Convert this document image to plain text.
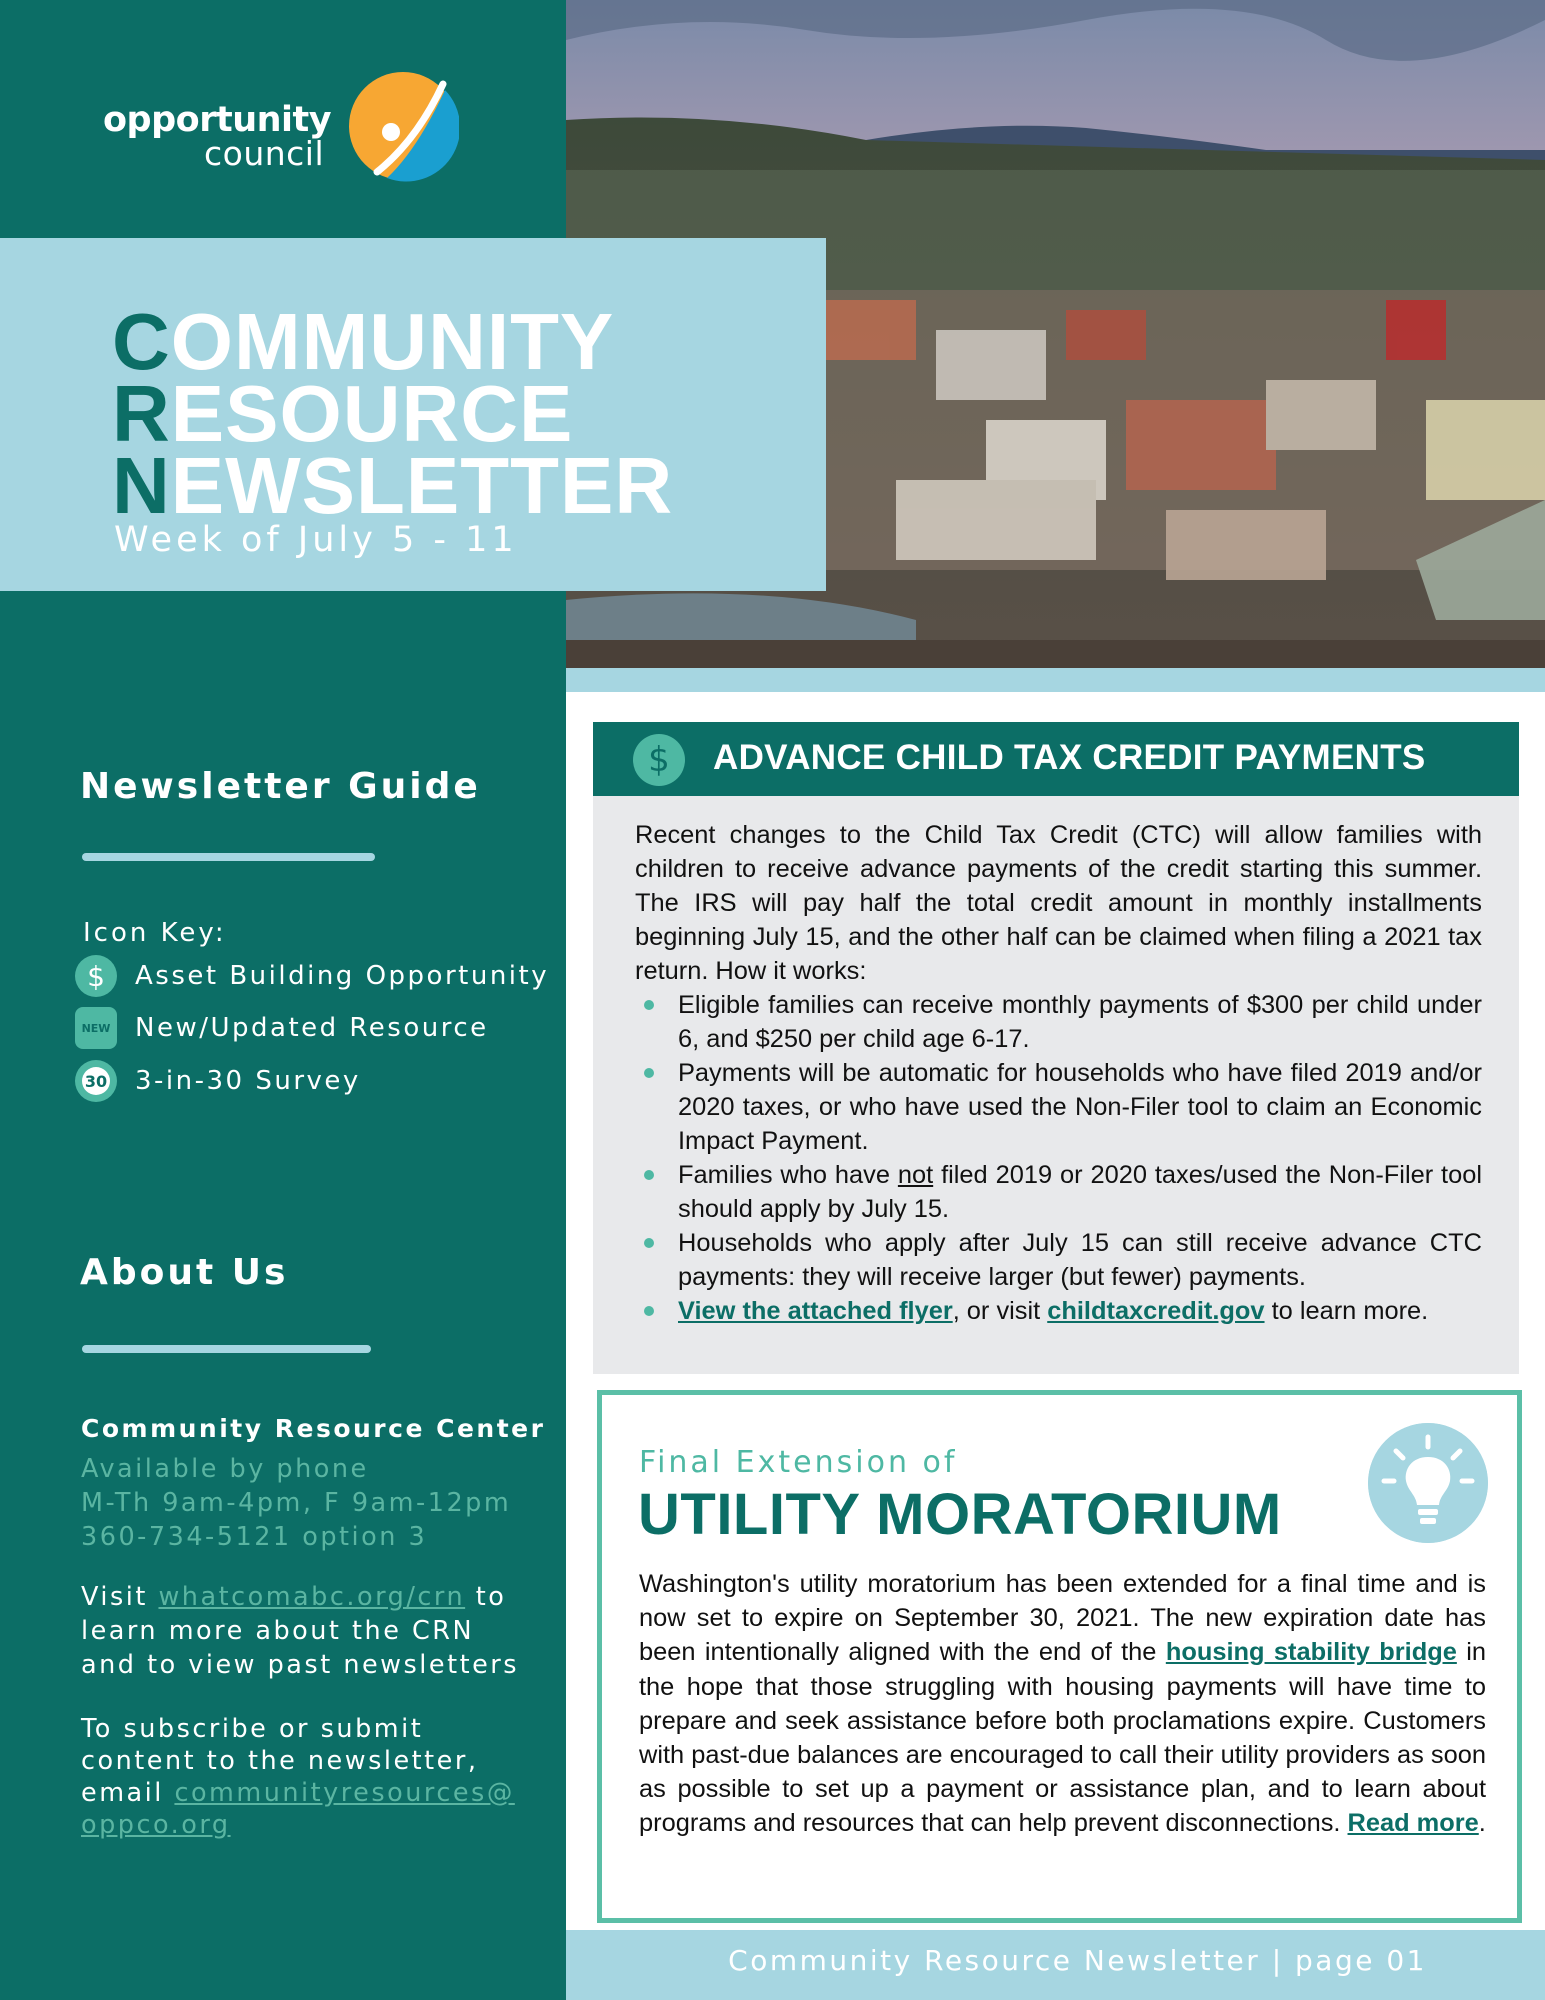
opportunity
council
COMMUNITY
RESOURCE
NEWSLETTER
Week of July 5 - 11
Newsletter Guide
Icon Key:
$ Asset Building Opportunity
NEW New/Updated Resource
30 3-in-30 Survey
About Us
Community Resource Center
Available by phone
M-Th 9am-4pm, F 9am-12pm
360-734-5121 option 3
Visit whatcomabc.org/crn to
learn more about the CRN
and to view past newsletters
To subscribe or submit
content to the newsletter,
email communityresources@
oppco.org
$ ADVANCE CHILD TAX CREDIT PAYMENTS

Recent changes to the Child Tax Credit (CTC) will allow families with children to receive advance payments of the credit starting this summer. The IRS will pay half the total credit amount in monthly installments beginning July 15, and the other half can be claimed when filing a 2021 tax return. How it works:

Eligible families can receive monthly payments of $300 per child under 6, and $250 per child age 6-17.
Payments will be automatic for households who have filed 2019 and/or 2020 taxes, or who have used the Non-Filer tool to claim an Economic Impact Payment.
Families who have not filed 2019 or 2020 taxes/used the Non-Filer tool should apply by July 15.
Households who apply after July 15 can still receive advance CTC payments: they will receive larger (but fewer) payments.
View the attached flyer, or visit childtaxcredit.gov to learn more.
Final Extension of
UTILITY MORATORIUM
Washington's utility moratorium has been extended for a final time and is now set to expire on September 30, 2021. The new expiration date has been intentionally aligned with the end of the housing stability bridge in the hope that those struggling with housing payments will have time to prepare and seek assistance before both proclamations expire. Customers with past-due balances are encouraged to call their utility providers as soon as possible to set up a payment or assistance plan, and to learn about programs and resources that can help prevent disconnections. Read more.
Community Resource Newsletter | page 01
